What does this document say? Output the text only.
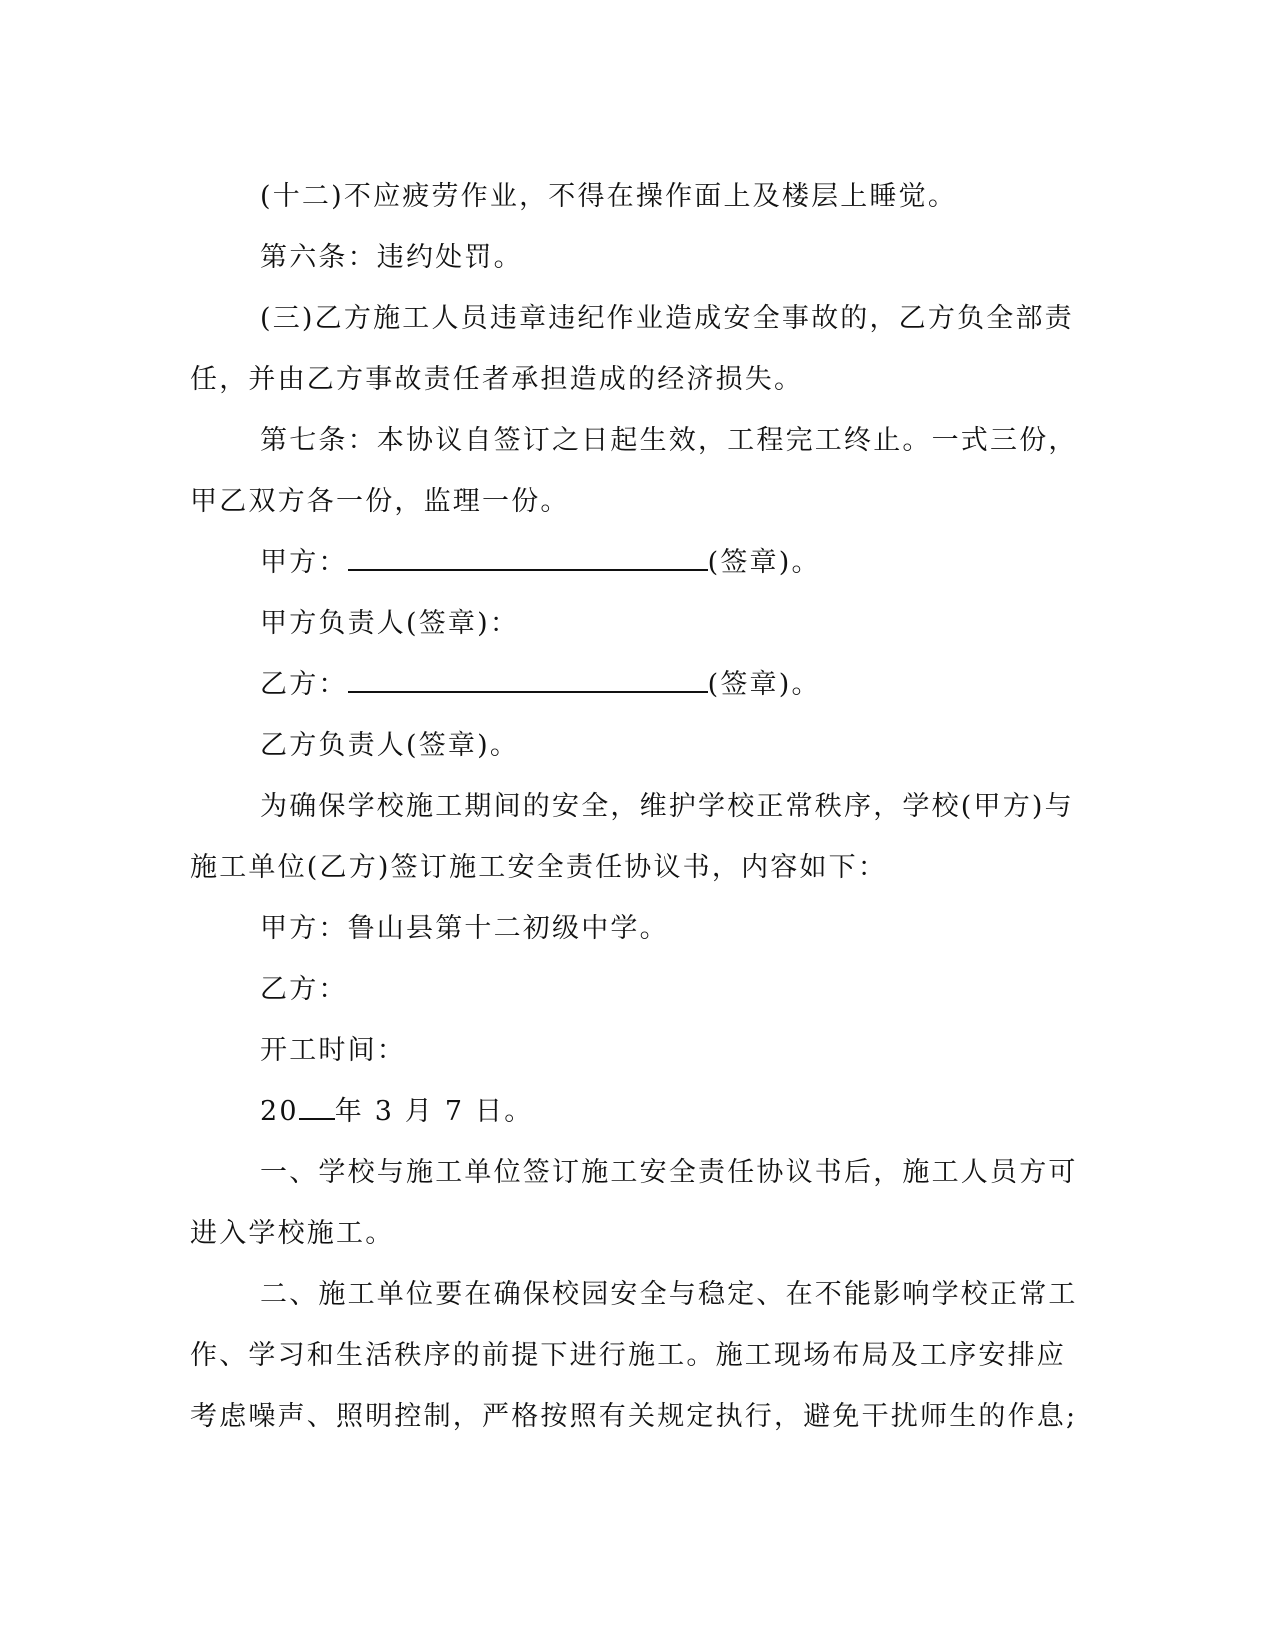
(十二)不应疲劳作业，不得在操作面上及楼层上睡觉。

第六条：违约处罚。

(三)乙方施工人员违章违纪作业造成安全事故的，乙方负全部责

任，并由乙方事故责任者承担造成的经济损失。

第七条：本协议自签订之日起生效，工程完工终止。一式三份，

甲乙双方各一份，监理一份。

甲方：	(签章)。

甲方负责人(签章)：

乙方：	(签章)。

乙方负责人(签章)。

为确保学校施工期间的安全，维护学校正常秩序，学校(甲方)与

施工单位(乙方)签订施工安全责任协议书，内容如下：

甲方：鲁山县第十二初级中学。

乙方：

开工时间：

20 年 3 月 7 日。

一、学校与施工单位签订施工安全责任协议书后，施工人员方可

进入学校施工。

二、施工单位要在确保校园安全与稳定、在不能影响学校正常工

作、学习和生活秩序的前提下进行施工。施工现场布局及工序安排应

考虑噪声、照明控制，严格按照有关规定执行，避免干扰师生的作息;
